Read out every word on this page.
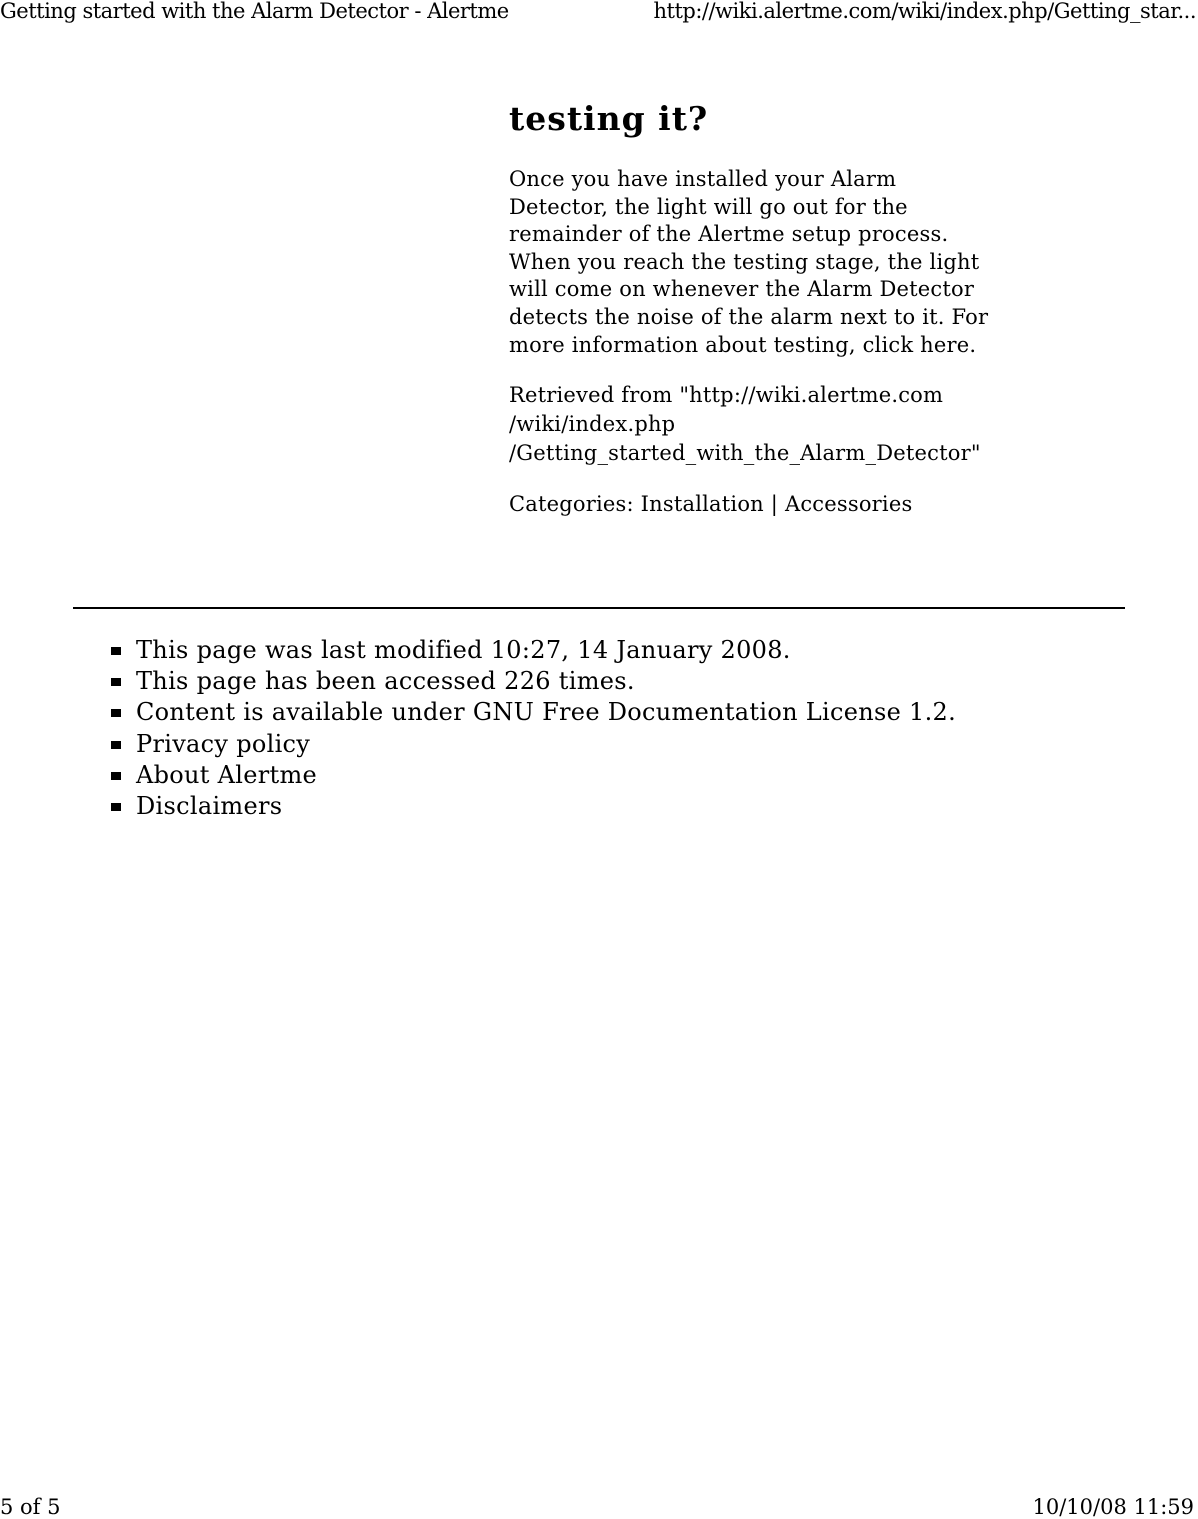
Getting started with the Alarm Detector - Alertme	http://wiki.alertme.com/wiki/index.php/Getting_star...
testing it?

Once you have installed your Alarm Detector, the light will go out for the remainder of the Alertme setup process. When you reach the testing stage, the light will come on whenever the Alarm Detector detects the noise of the alarm next to it. For more information about testing, click here.

Retrieved from "http://wiki.alertme.com
/wiki/index.php
/Getting_started_with_the_Alarm_Detector"

Categories: Installation | Accessories

This page was last modified 10:27, 14 January 2008.
This page has been accessed 226 times.
Content is available under GNU Free Documentation License 1.2.
Privacy policy
About Alertme
Disclaimers
5 of 5	10/10/08 11:59
